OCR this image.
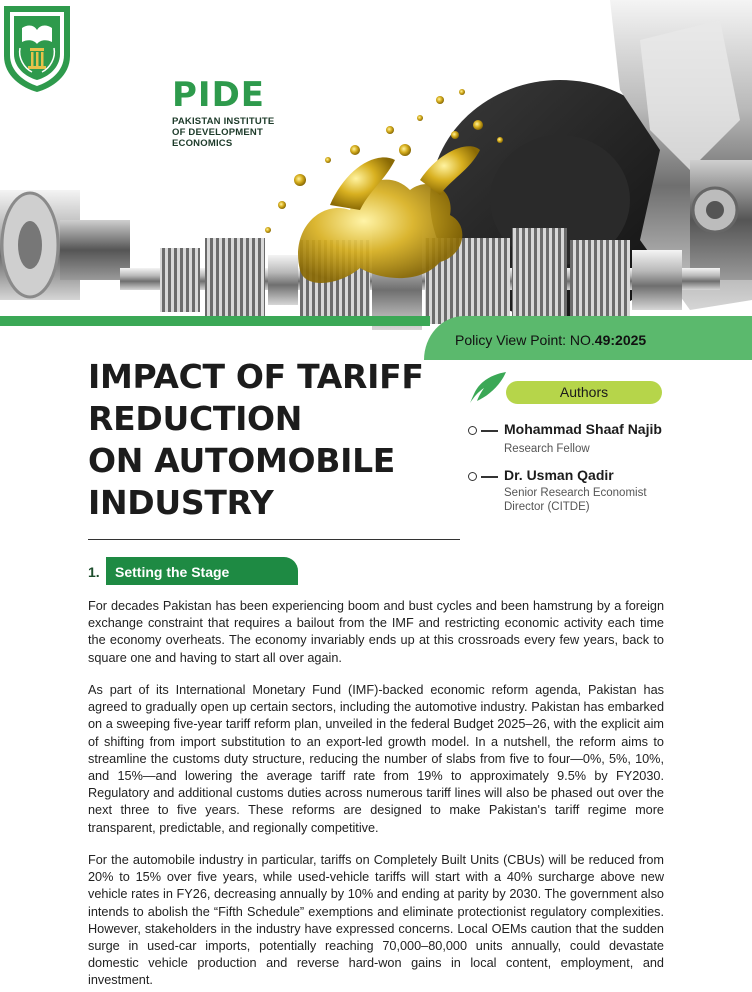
PIDE
PAKISTAN INSTITUTE
OF DEVELOPMENT
ECONOMICS
Policy View Point: NO.49:2025
IMPACT OF TARIFF
REDUCTION
ON AUTOMOBILE
INDUSTRY
Authors
Mohammad Shaaf Najib
Research Fellow
Dr. Usman Qadir
Senior Research Economist
Director (CITDE)
1. Setting the Stage

For decades Pakistan has been experiencing boom and bust cycles and been hamstrung by a foreign exchange constraint that requires a bailout from the IMF and restricting economic activity each time the economy overheats. The economy invariably ends up at this crossroads every few years, back to square one and having to start all over again.

As part of its International Monetary Fund (IMF)-backed economic reform agenda, Pakistan has agreed to gradually open up certain sectors, including the automotive industry. Pakistan has embarked on a sweeping five-year tariff reform plan, unveiled in the federal Budget 2025–26, with the explicit aim of shifting from import substitution to an export-led growth model. In a nutshell, the reform aims to streamline the customs duty structure, reducing the number of slabs from five to four—0%, 5%, 10%, and 15%—and lowering the average tariff rate from 19% to approximately 9.5% by FY2030. Regulatory and additional customs duties across numerous tariff lines will also be phased out over the next three to five years. These reforms are designed to make Pakistan's tariff regime more transparent, predictable, and regionally competitive.

For the automobile industry in particular, tariffs on Completely Built Units (CBUs) will be reduced from 20% to 15% over five years, while used-vehicle tariffs will start with a 40% surcharge above new vehicle rates in FY26, decreasing annually by 10% and ending at parity by 2030. The government also intends to abolish the “Fifth Schedule” exemptions and eliminate protectionist regulatory complexities. However, stakeholders in the industry have expressed concerns. Local OEMs caution that the sudden surge in used-car imports, potentially reaching 70,000–80,000 units annually, could devastate domestic vehicle production and reverse hard-won gains in local content, employment, and investment.
